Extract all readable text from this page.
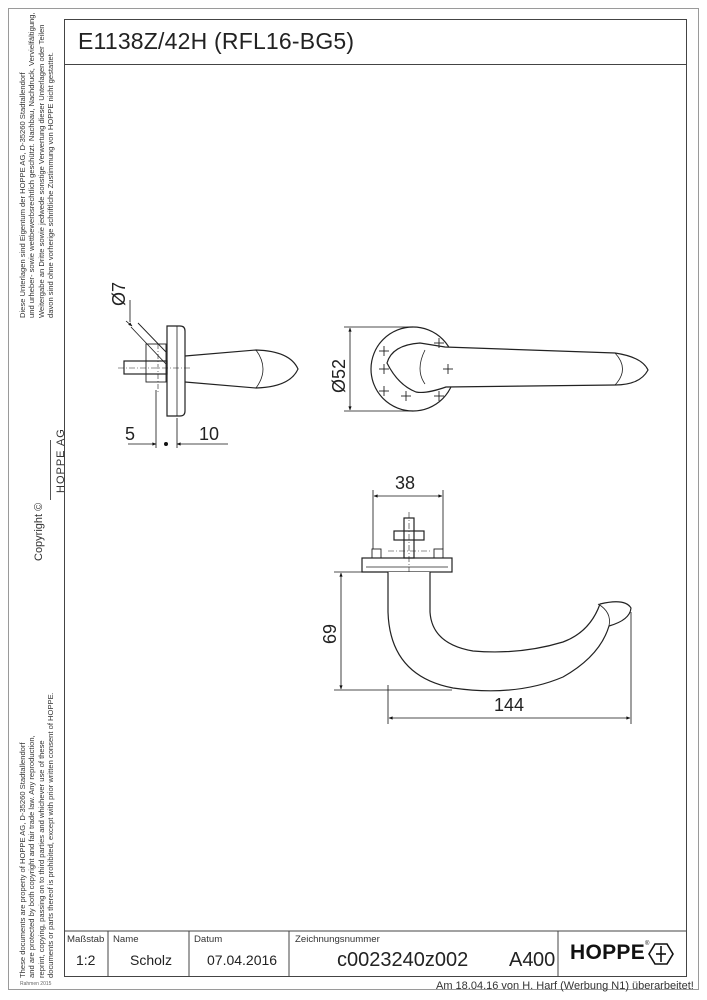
E1138Z/42H (RFL16-BG5)
Diese Unterlagen sind Eigentum der HOPPE AG, D-35260 Stadtallendorf und urheber- sowie wettbewerbsrechtlich geschützt. Nachbau, Nachdruck, Vervielfältigung, Weitergabe an Dritte sowie jedwede sonstige Verwertung dieser Unterlagen oder Teilen davon sind ohne vorherige schriftliche Zustimmung von HOPPE nicht gestattet.
Copyright ©
HOPPE AG
These documents are property of HOPPE AG, D-35260 Stadtallendorf and are protected by both copyright and fair trade law. Any reproduction, reprint, copying, passing on to third parties and whichever use of these documents or parts thereof is prohibited, except with prior written consent of HOPPE.
Rahmen 2015
Ø7
5	10
Ø52
38
69
144
Maßstab
1:2
Name
Scholz
Datum
07.04.2016
Zeichnungsnummer
c0023240z002 A4 00 HOPPE ®
Am 18.04.16 von H. Harf (Werbung N1) überarbeitet!
